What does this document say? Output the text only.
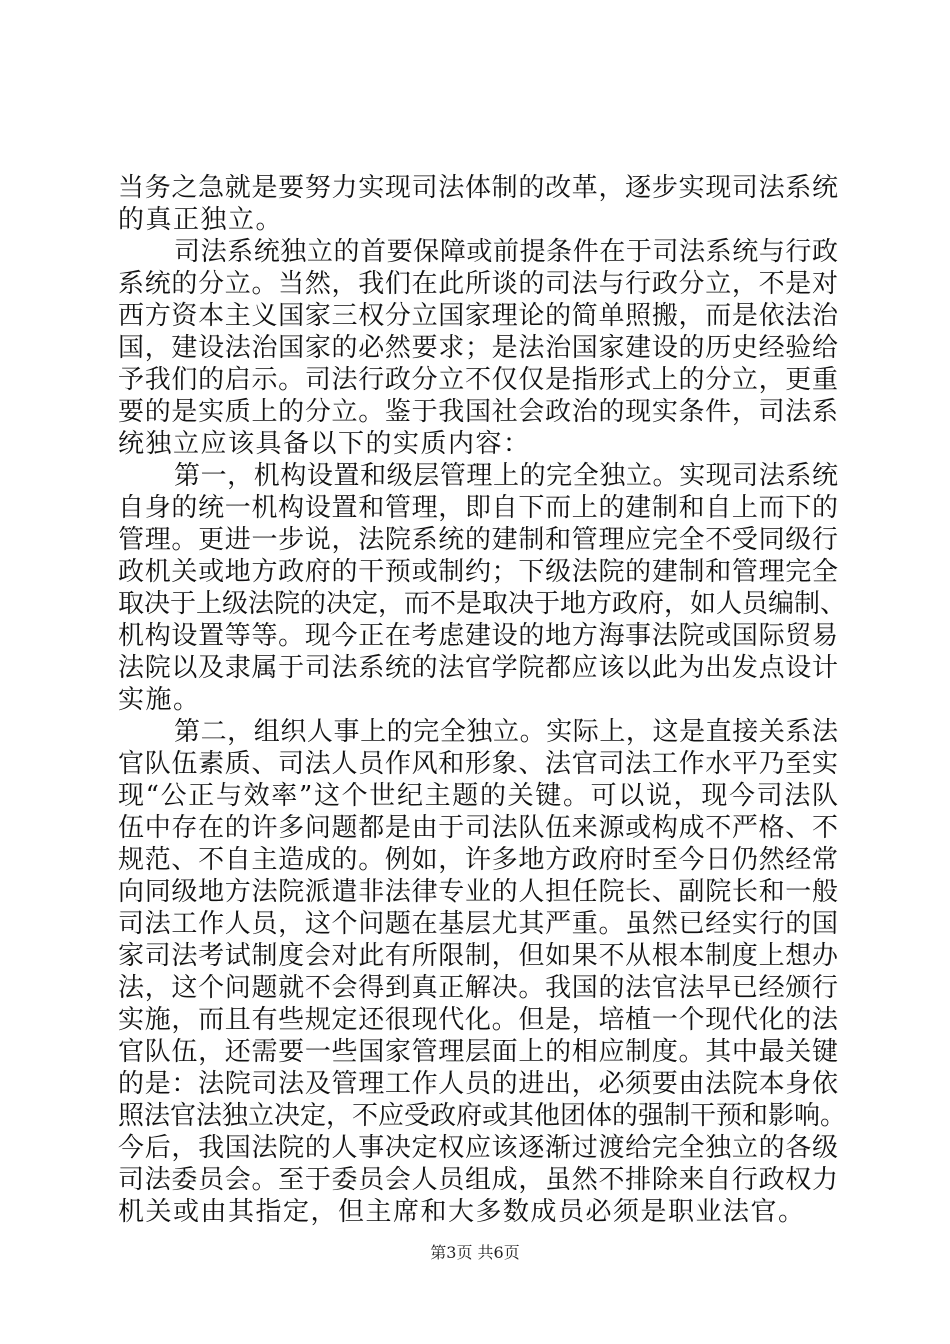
当务之急就是要努力实现司法体制的改革，逐步实现司法系统
的真正独立。
司法系统独立的首要保障或前提条件在于司法系统与行政
系统的分立。当然，我们在此所谈的司法与行政分立，不是对
西方资本主义国家三权分立国家理论的简单照搬，而是依法治
国，建设法治国家的必然要求；是法治国家建设的历史经验给
予我们的启示。司法行政分立不仅仅是指形式上的分立，更重
要的是实质上的分立。鉴于我国社会政治的现实条件，司法系
统独立应该具备以下的实质内容：
第一，机构设置和级层管理上的完全独立。实现司法系统
自身的统一机构设置和管理，即自下而上的建制和自上而下的
管理。更进一步说，法院系统的建制和管理应完全不受同级行
政机关或地方政府的干预或制约；下级法院的建制和管理完全
取决于上级法院的决定，而不是取决于地方政府，如人员编制、
机构设置等等。现今正在考虑建设的地方海事法院或国际贸易
法院以及隶属于司法系统的法官学院都应该以此为出发点设计
实施。
第二，组织人事上的完全独立。实际上，这是直接关系法
官队伍素质、司法人员作风和形象、法官司法工作水平乃至实
现“公正与效率”这个世纪主题的关键。可以说，现今司法队
伍中存在的许多问题都是由于司法队伍来源或构成不严格、不
规范、不自主造成的。例如，许多地方政府时至今日仍然经常
向同级地方法院派遣非法律专业的人担任院长、副院长和一般
司法工作人员，这个问题在基层尤其严重。虽然已经实行的国
家司法考试制度会对此有所限制，但如果不从根本制度上想办
法，这个问题就不会得到真正解决。我国的法官法早已经颁行
实施，而且有些规定还很现代化。但是，培植一个现代化的法
官队伍，还需要一些国家管理层面上的相应制度。其中最关键
的是：法院司法及管理工作人员的进出，必须要由法院本身依
照法官法独立决定，不应受政府或其他团体的强制干预和影响。
今后，我国法院的人事决定权应该逐渐过渡给完全独立的各级
司法委员会。至于委员会人员组成，虽然不排除来自行政权力
机关或由其指定，但主席和大多数成员必须是职业法官。
第3页 共6页
